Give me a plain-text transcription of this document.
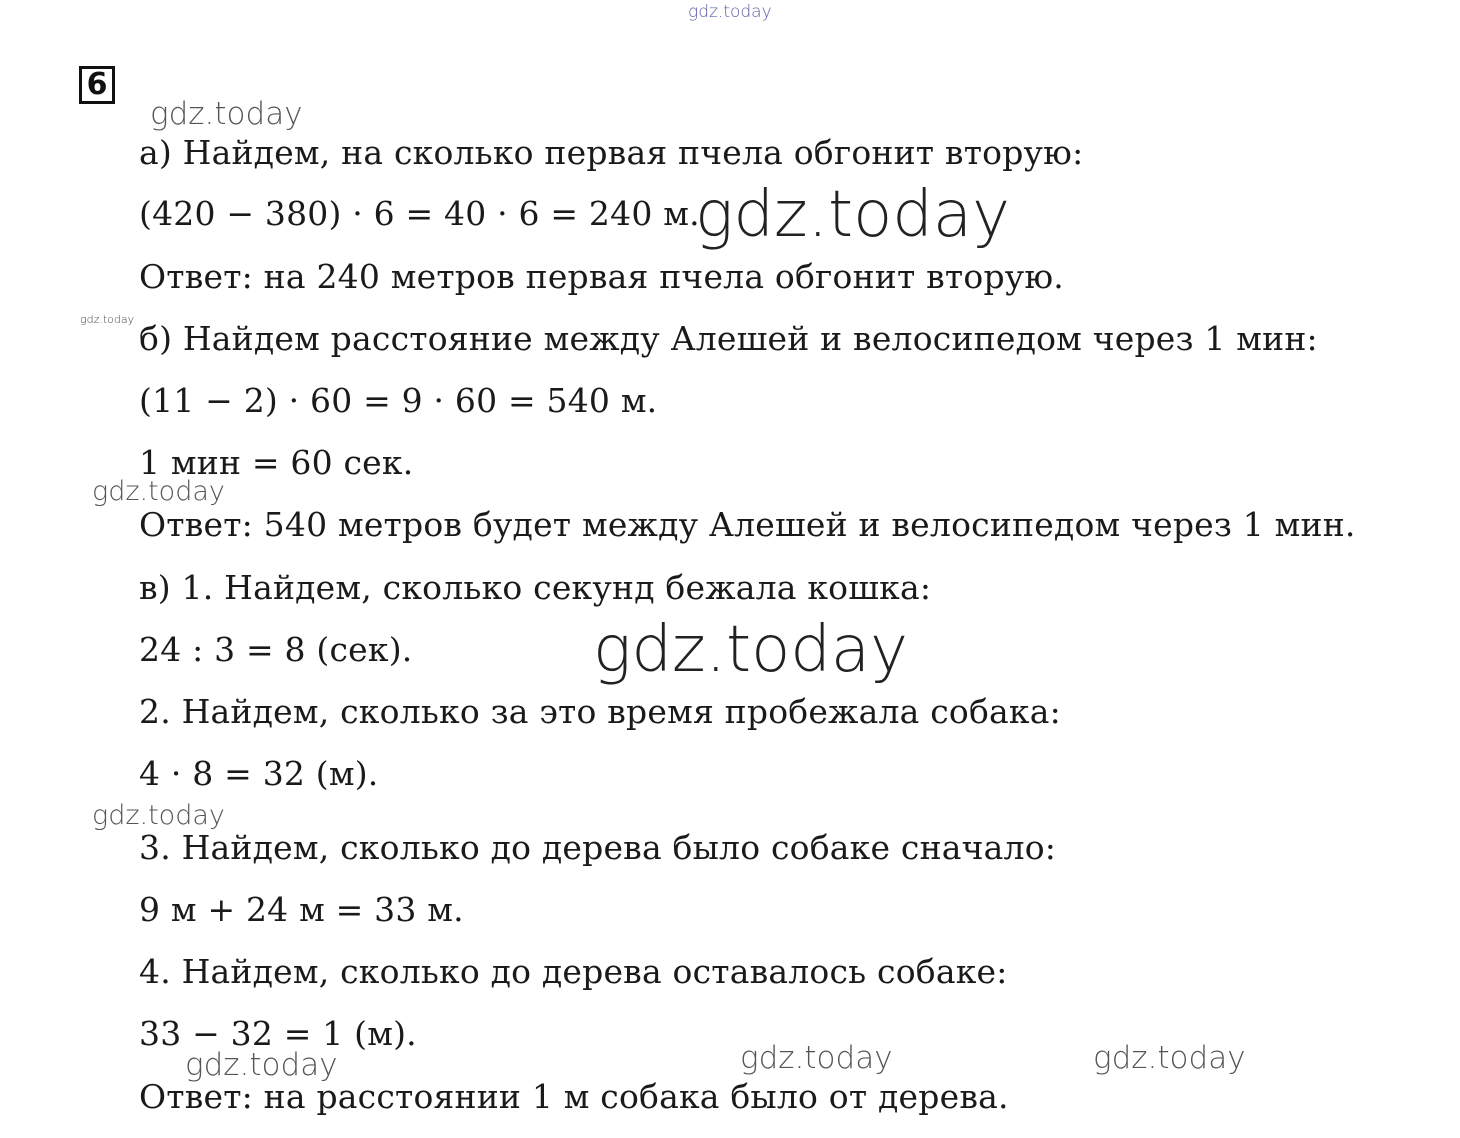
6
а) Найдем, на сколько первая пчела обгонит вторую:
(420 − 380) · 6 = 40 · 6 = 240 м.
Ответ: на 240 метров первая пчела обгонит вторую.
б) Найдем расстояние между Алешей и велосипедом через 1 мин:
(11 − 2) · 60 = 9 · 60 = 540 м.
1 мин = 60 сек.
Ответ: 540 метров будет между Алешей и велосипедом через 1 мин.
в) 1. Найдем, сколько секунд бежала кошка:
24 : 3 = 8 (сек).
2. Найдем, сколько за это время пробежала собака:
4 · 8 = 32 (м).
3. Найдем, сколько до дерева было собаке сначало:
9 м + 24 м = 33 м.
4. Найдем, сколько до дерева оставалось собаке:
33 − 32 = 1 (м).
Ответ: на расстоянии 1 м собака было от дерева.
gdz.today
gdz.today
gdz.today
gdz.today
gdz.today
gdz.today
gdz.today
gdz.today	gdz.today	gdz.today
